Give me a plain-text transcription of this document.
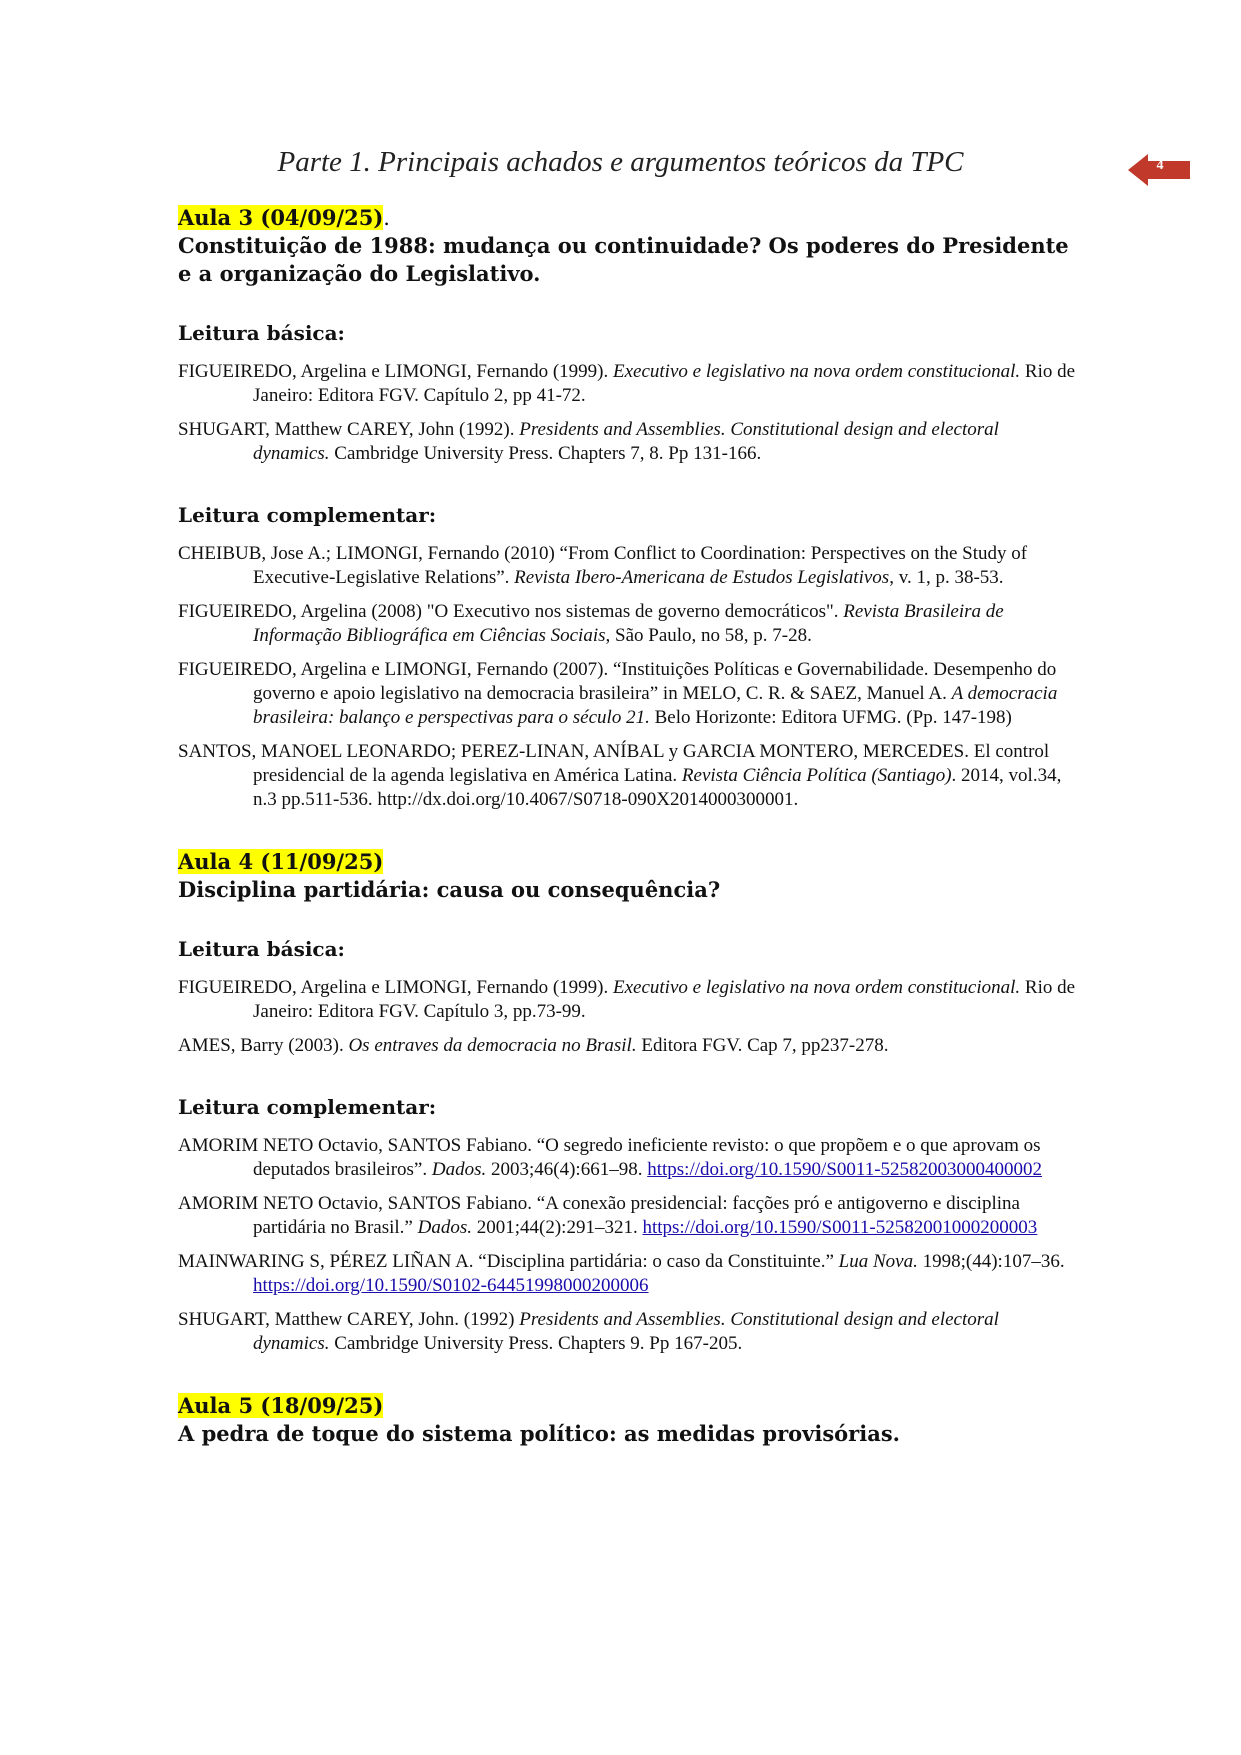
Parte 1. Principais achados e argumentos teóricos da TPC	4
Aula 3 (04/09/25).
Constituição de 1988: mudança ou continuidade? Os poderes do Presidente e a organização do Legislativo.
Leitura básica:
FIGUEIREDO, Argelina e LIMONGI, Fernando (1999). Executivo e legislativo na nova ordem constitucional. Rio de Janeiro: Editora FGV. Capítulo 2, pp 41-72.
SHUGART, Matthew CAREY, John (1992). Presidents and Assemblies. Constitutional design and electoral dynamics. Cambridge University Press. Chapters 7, 8. Pp 131-166.
Leitura complementar:
CHEIBUB, Jose A.; LIMONGI, Fernando (2010) “From Conflict to Coordination: Perspectives on the Study of Executive-Legislative Relations”. Revista Ibero-Americana de Estudos Legislativos, v. 1, p. 38-53.
FIGUEIREDO, Argelina (2008) "O Executivo nos sistemas de governo democráticos". Revista Brasileira de Informação Bibliográfica em Ciências Sociais, São Paulo, no 58, p. 7-28.
FIGUEIREDO, Argelina e LIMONGI, Fernando (2007). “Instituições Políticas e Governabilidade. Desempenho do governo e apoio legislativo na democracia brasileira” in MELO, C. R. & SAEZ, Manuel A. A democracia brasileira: balanço e perspectivas para o século 21. Belo Horizonte: Editora UFMG. (Pp. 147-198)
SANTOS, MANOEL LEONARDO; PEREZ-LINAN, ANÍBAL y GARCIA MONTERO, MERCEDES. El control presidencial de la agenda legislativa en América Latina. Revista Ciência Política (Santiago). 2014, vol.34, n.3 pp.511-536. http://dx.doi.org/10.4067/S0718-090X2014000300001.
Aula 4 (11/09/25)
Disciplina partidária: causa ou consequência?
Leitura básica:
FIGUEIREDO, Argelina e LIMONGI, Fernando (1999). Executivo e legislativo na nova ordem constitucional. Rio de Janeiro: Editora FGV. Capítulo 3, pp.73-99.
AMES, Barry (2003). Os entraves da democracia no Brasil. Editora FGV. Cap 7, pp237-278.
Leitura complementar:
AMORIM NETO Octavio, SANTOS Fabiano. “O segredo ineficiente revisto: o que propõem e o que aprovam os deputados brasileiros”. Dados. 2003;46(4):661–98. https://doi.org/10.1590/S0011-52582003000400002
AMORIM NETO Octavio, SANTOS Fabiano. “A conexão presidencial: facções pró e antigoverno e disciplina partidária no Brasil.” Dados. 2001;44(2):291–321. https://doi.org/10.1590/S0011-52582001000200003
MAINWARING S, PÉREZ LIÑAN A. “Disciplina partidária: o caso da Constituinte.” Lua Nova. 1998;(44):107–36. https://doi.org/10.1590/S0102-64451998000200006
SHUGART, Matthew CAREY, John. (1992) Presidents and Assemblies. Constitutional design and electoral dynamics. Cambridge University Press. Chapters 9. Pp 167-205.
Aula 5 (18/09/25)
A pedra de toque do sistema político: as medidas provisórias.
